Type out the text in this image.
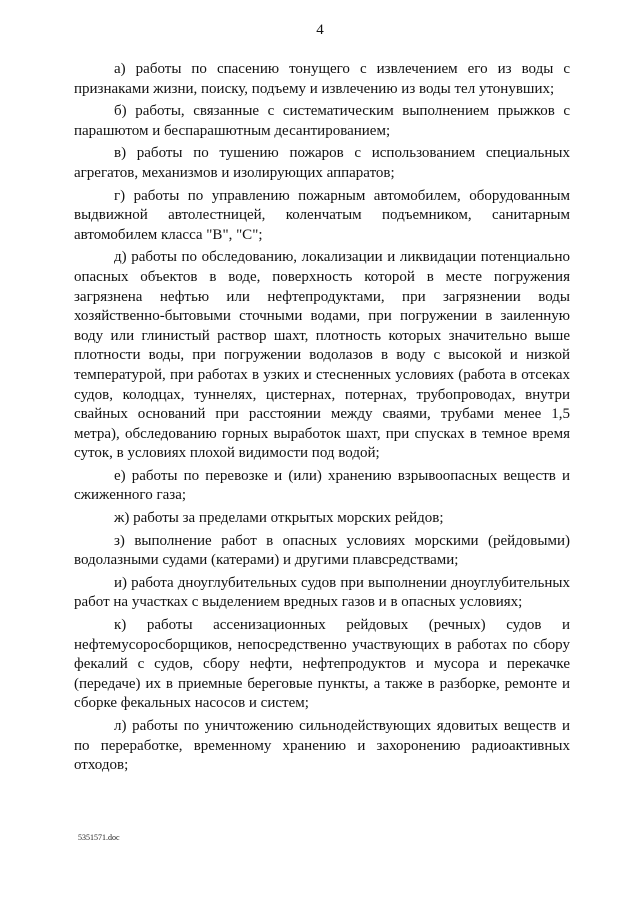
4

а) работы по спасению тонущего с извлечением его из воды с признаками жизни, поиску, подъему и извлечению из воды тел утонувших;

б) работы, связанные с систематическим выполнением прыжков с парашютом и беспарашютным десантированием;

в) работы по тушению пожаров с использованием специальных агрегатов, механизмов и изолирующих аппаратов;

г) работы по управлению пожарным автомобилем, оборудованным выдвижной автолестницей, коленчатым подъемником, санитарным автомобилем класса "В", "С";

д) работы по обследованию, локализации и ликвидации потенциально опасных объектов в воде, поверхность которой в месте погружения загрязнена нефтью или нефтепродуктами, при загрязнении воды хозяйственно-бытовыми сточными водами, при погружении в заиленную воду или глинистый раствор шахт, плотность которых значительно выше плотности воды, при погружении водолазов в воду с высокой и низкой температурой, при работах в узких и стесненных условиях (работа в отсеках судов, колодцах, туннелях, цистернах, потернах, трубопроводах, внутри свайных оснований при расстоянии между сваями, трубами менее 1,5 метра), обследованию горных выработок шахт, при спусках в темное время суток, в условиях плохой видимости под водой;

е) работы по перевозке и (или) хранению взрывоопасных веществ и сжиженного газа;

ж) работы за пределами открытых морских рейдов;

з) выполнение работ в опасных условиях морскими (рейдовыми) водолазными судами (катерами) и другими плавсредствами;

и) работа дноуглубительных судов при выполнении дноуглубительных работ на участках с выделением вредных газов и в опасных условиях;

к) работы ассенизационных рейдовых (речных) судов и нефтемусоросборщиков, непосредственно участвующих в работах по сбору фекалий с судов, сбору нефти, нефтепродуктов и мусора и перекачке (передаче) их в приемные береговые пункты, а также в разборке, ремонте и сборке фекальных насосов и систем;

л) работы по уничтожению сильнодействующих ядовитых веществ и по переработке, временному хранению и захоронению радиоактивных отходов;

5351571.doc
